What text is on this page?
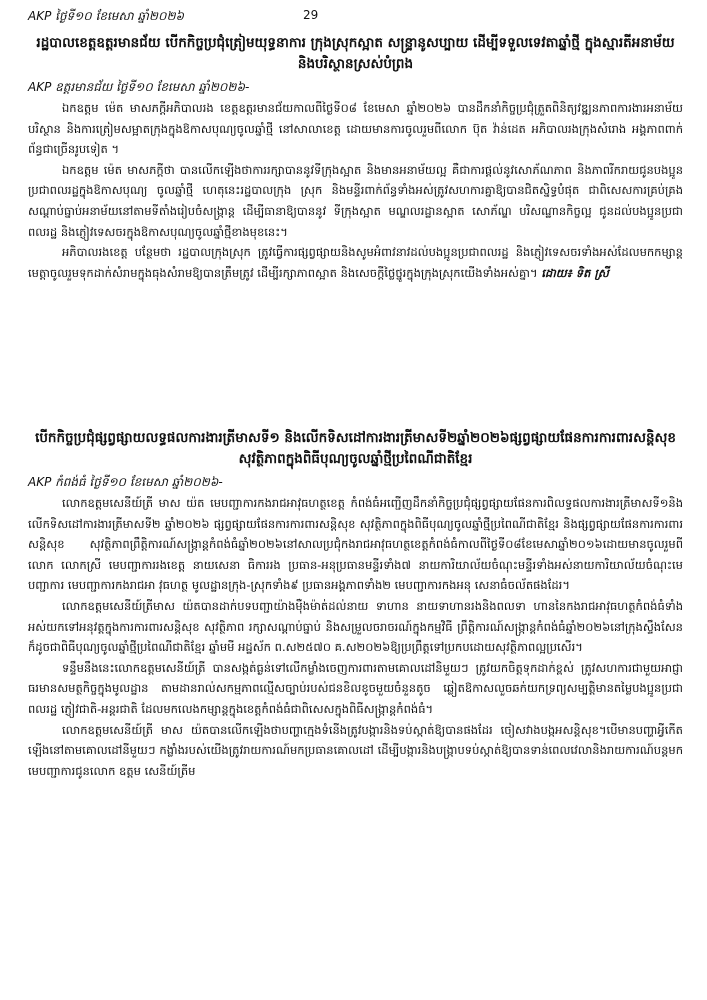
AKP ថ្ងៃទី១០ ខែមេសា ឆ្នាំ២០២៦	29
រដ្ឋបាលខេត្តឧត្តរមានជ័យ បើកកិច្ចប្រជុំត្រៀមយុទ្ធនាការ ក្រុងស្រុកស្អាត សន្ទ្រានូសប្បាយ ដើម្បីទទួលទេវតាឆ្នាំថ្មី ក្នុងស្មារតីអនាម័យ និងបរិស្ថានស្រស់បំព្រង
AKP ឧត្តរមានជ័យ ថ្ងៃទី១០ ខែមេសា ឆ្នាំ២០២៦-

ឯកឧត្តម ម៉េត មាសភក្តីអភិបាលរង ខេត្តឧត្តរមានជ័យកាលពីថ្ងៃទី០៨ ខែមេសា ឆ្នាំ២០២៦ បានដឹកនាំកិច្ចប្រជុំត្រួតពិនិត្យវឌ្ឍនភាពការងារអនាម័យ បរិស្ថាន និងការត្រៀមសម្អាតក្រុងក្នុងឱកាសបុណ្យចូលឆ្នាំថ្មី នៅសាលាខេត្ត ដោយមានការចូលរួមពីលោក ប៊ុត វ៉ាន់ដេត អភិបាលរងក្រុងសំរោង អង្គភាពពាក់ព័ន្ធជាច្រើនរូបទៀត ។

ឯកឧត្តម ម៉េត មាសភក្តីថា បានលើកឡើងថាការរក្សាបាននូវទីក្រុងស្អាត និងមានអនាម័យល្អ គឺជាការផ្តល់នូវសោភ័ណភាព និងភាពរីករាយជូនបងប្អូនប្រជាពលរដ្ឋក្នុងឱកាសបុណ្យ ចូលឆ្នាំថ្មី ហេតុនេះរដ្ឋបាលក្រុង ស្រុក និងមន្ទីរពាក់ព័ន្ធទាំងអស់ត្រូវសហការគ្នាឱ្យបានជិតស្និទ្ធបំផុត ជាពិសេសការគ្រប់គ្រងសណ្តាប់ធ្នាប់អនាម័យនៅតាមទីតាំងរៀបចំសង្ក្រាន្ត ដើម្បីធានាឱ្យបាននូវ ទីក្រុងស្អាត មណ្ឌលរដ្ឋានស្អាត សោភ័ណ្ឌ បរិសណ្ឋានកិច្ចល្អ ជូនដល់បងប្អូនប្រជាពលរដ្ឋ និងភ្ញៀវទេសចរក្នុងឱកាសបុណ្យចូលឆ្នាំថ្មីខាងមុខនេះ។

អភិបាលរងខេត្ត បន្ថែមថា រដ្ឋបាលក្រុងស្រុក ត្រូវធ្វើការផ្សព្វផ្សាយនិងសូមអំពាវនាវដល់បងប្អូនប្រជាពលរដ្ឋ និងភ្ញៀវទេសចរទាំងអស់ដែលមកកម្សាន្ត មេត្តាចូលរួមទុកដាក់សំរាមក្នុងធុងសំរាមឱ្យបានត្រឹមត្រូវ ដើម្បីរក្សាភាពស្អាត និងសេចក្តីថ្លៃថ្នូរក្នុងក្រុងស្រុកយើងទាំងអស់គ្នា។ ដោយ៖ ទិត ស្រី

បើកកិច្ចប្រជុំផ្សព្វផ្សាយលទ្ធផលការងារត្រីមាសទី១ និងលើកទិសដៅការងារត្រីមាសទី២ឆ្នាំ២០២៦ផ្សព្វផ្សាយផែនការការពារសន្តិសុខសុវត្ថិភាពក្នុងពិធីបុណ្យចូលឆ្នាំថ្មីប្រពៃណីជាតិខ្មែរ
AKP កំពង់ធំ ថ្ងៃទី១០ ខែមេសា ឆ្នាំ២០២៦-

លោកឧត្តមសេនីយ៍ត្រី មាស យ៉ត មេបញ្ជាការកងរាជអាវុធហត្ថខេត្ត កំពង់ធំអញ្ជើញដឹកនាំកិច្ចប្រជុំផ្សព្វផ្សាយផែនការពិលទ្ធផលការងារត្រីមាសទី១និងលើកទិសដៅការងារត្រីមាសទី២ ឆ្នាំ២០២៦ ផ្សព្វផ្សាយផែនការការពារសន្តិសុខ សុវត្ថិភាពក្នុងពិធីបុណ្យចូលឆ្នាំថ្មីប្រពៃណីជាតិខ្មែរ និងផ្សព្វផ្សាយផែនការការពារសន្តិសុខ សុវត្ថិភាពព្រឹត្តិការណ៍សង្ក្រាន្តកំពង់ធំឆ្នាំ២០២៦នៅសាលប្រជុំកងរាជអាវុធហត្ថខេត្តកំពង់ធំកាលពីថ្ងៃទី០៨ខែមេសាឆ្នាំ២០១៦ដោយមានចូលរួមពីលោក លោកស្រី មេបញ្ជាការរងខេត្ត នាយសេនា ធិការរង ប្រធាន-អនុប្រធានមន្ទីរទាំង៧ នាយការិយាល័យចំណុះមន្ទីរទាំងអស់នាយការិយាល័យចំណុះមេបញ្ជាការ មេបញ្ជាការកងរាជអា វុធហត្ថ មូលដ្ឋានក្រុង-ស្រុកទាំង៩ ប្រធានអង្គភាពទាំង២ មេបញ្ជាការកងអនុ សេនាធំចល័តផងដែរ។

លោកឧត្តមសេនីយ៍ត្រីមាស យ៉តបានដាក់បទបញ្ជាយ៉ាងម៉ឺងម៉ាត់ដល់នាយ ទាហាន នាយទាហានរងនិងពលទា ហាននៃកងរាជអាវុធហត្ថកំពង់ធំទាំងអស់យកទៅអនុវត្តក្នុងការការពារសន្តិសុខ សុវត្ថិភាព រក្សាសណ្តាប់ធ្នាប់ និងសម្រួលចរាចរណ៍ក្នុងកម្មវិធី ព្រឹត្តិការណ៍សង្ក្រាន្តកំពង់ធំឆ្នាំ២០២៦នៅក្រុងស្ទឹងសែនក៏ដូចជាពិធីបុណ្យចូលឆ្នាំថ្មីប្រពៃណីជាតិខ្មែរ ឆ្នាំមមី អដ្ឋស័ក ព.ស២៥៧០ គ.ស២០២៦ឱ្យប្រព្រឹត្តទៅប្រកបដោយសុវត្ថិភាពល្អប្រសើរ។

ទន្ទឹមនឹងនេះលោកឧត្តមសេនីយ៍ត្រី បានសង្កត់ធ្ងន់ទៅលើកម្លាំងចេញការពារតាមគោលដៅនិមួយៗ ត្រូវយកចិត្តទុកដាក់ខ្ពស់ ត្រូវសហការជាមួយអាជ្ញាធរមានសមត្ថកិច្ចក្នុងមូលដ្ឋាន តាមដានរាល់សកម្មភាពល្មើសច្បាប់របស់ជនខិលខូចមួយចំនួនតូច ឆ្លៀតឱកាសលួចឆក់យកទ្រព្យសម្បត្តិមានតម្លៃបងប្អូនប្រជាពលរដ្ឋ ភ្ញៀវជាតិ-អន្តរជាតិ ដែលមកលេងកម្សាន្តក្នុងខេត្តកំពង់ធំជាពិសេសក្នុងពិធីសង្ក្រាន្តកំពង់ធំ។

លោកឧត្តមសេនីយ៍ត្រី មាស យ៉តបានលើកឡើងថាបញ្ហាក្មេងទំនើងត្រូវបង្ការនិងទប់ស្កាត់ឱ្យបានផងដែរ ចៀសវាងបង្កអសន្តិសុខ។បើមានបញ្ហាអ្វីកើត ឡើងនៅតាមគោលដៅនីមួយៗ កង្លាំងរបស់យើងត្រូវរាយការណ៍មកប្រធានគោលដៅ ដើម្បីបង្ការនិងបង្ក្រាបទប់ស្កាត់ឱ្យបានទាន់ពេលវេលានិងរាយការណ៍បន្តមកមេបញ្ជាការជូនលោក ឧត្តម សេនីយ៍ត្រីម
